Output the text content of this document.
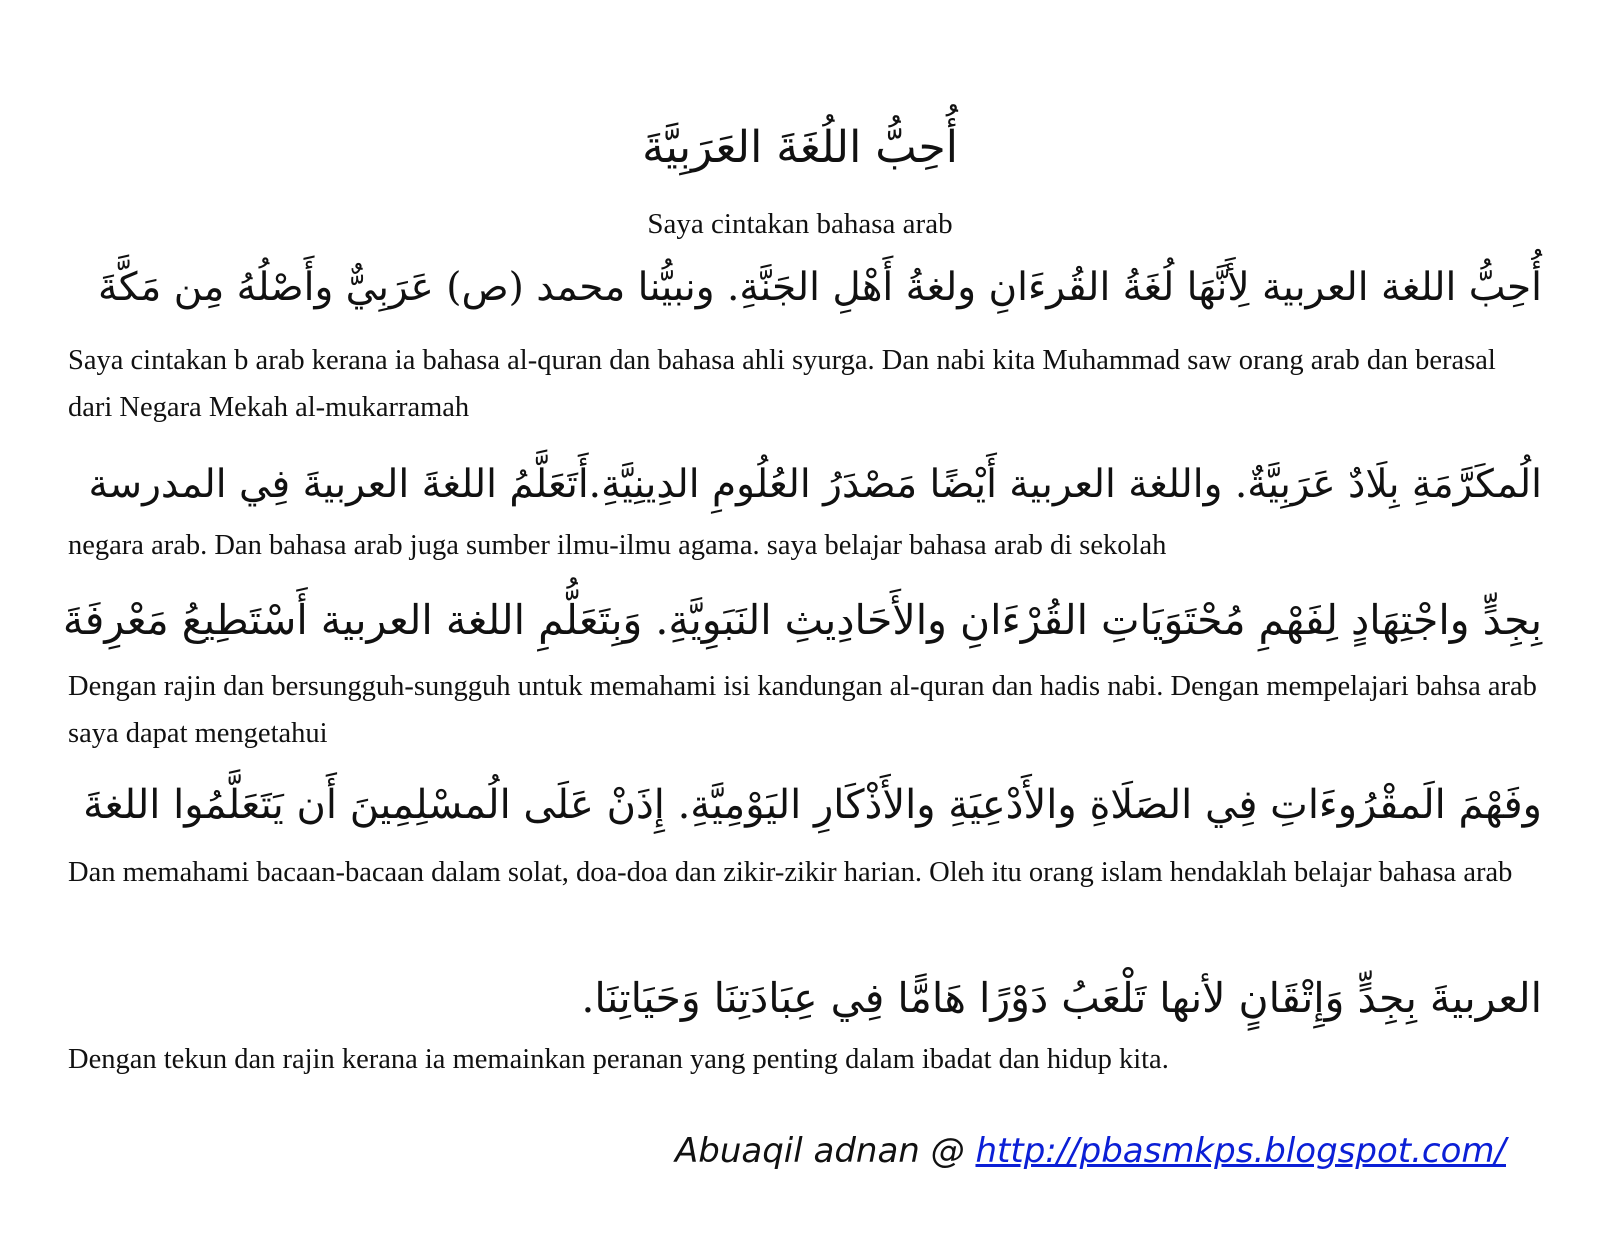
أُحِبُّ اللُغَةَ العَرَبِيَّةَ
Saya cintakan bahasa arab
أُحِبُّ اللغة العربية لِأَنَّهَا لُغَةُ القُرءَانِ ولغةُ أَهْلِ الجَنَّةِ. ونبيُّنا محمد (ص) عَرَبِيٌّ وأَصْلُهُ مِن مَكَّةَ
Saya cintakan b arab kerana ia bahasa al-quran dan bahasa ahli syurga. Dan nabi kita Muhammad saw orang arab dan berasal dari Negara Mekah al-mukarramah
الُمكَرَّمَةِ بِلَادٌ عَرَبِيَّةٌ. واللغة العربية أَيْضًا مَصْدَرُ العُلُومِ الدِينِيَّةِ.أَتَعَلَّمُ اللغةَ العربيةَ فِي المدرسة
negara arab. Dan bahasa arab juga sumber ilmu-ilmu agama. saya belajar bahasa arab di sekolah
بِجِدٍّ واجْتِهَادٍ لِفَهْمِ مُحْتَوَيَاتِ القُرْءَانِ والأَحَادِيثِ النَبَوِيَّةِ. وَبِتَعَلُّمِ اللغة العربية أَسْتَطِيعُ مَعْرِفَةَ
Dengan rajin dan bersungguh-sungguh untuk memahami isi kandungan al-quran dan hadis nabi. Dengan mempelajari bahsa arab saya dapat mengetahui
وفَهْمَ الَمقْرُوءَاتِ فِي الصَلَاةِ والأَدْعِيَةِ والأَذْكَارِ اليَوْمِيَّةِ. إِذَنْ عَلَى الُمسْلِمِينَ أَن يَتَعَلَّمُوا اللغةَ
Dan memahami bacaan-bacaan dalam solat, doa-doa dan zikir-zikir harian. Oleh itu orang islam hendaklah belajar bahasa arab
العربيةَ بِجِدٍّ وَإِتْقَانٍ لأنها تَلْعَبُ دَوْرًا هَامًّا فِي عِبَادَتِنَا وَحَيَاتِنَا.
Dengan tekun dan rajin kerana ia memainkan peranan yang penting dalam ibadat dan hidup kita.
Abuaqil adnan @ http://pbasmkps.blogspot.com/
